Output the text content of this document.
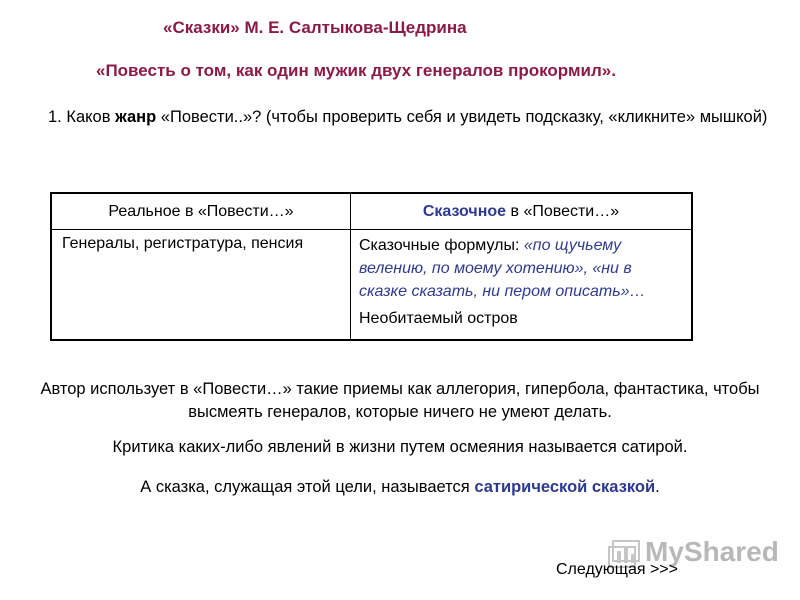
«Сказки» М. Е. Салтыкова-Щедрина
«Повесть о том, как один мужик двух генералов прокормил».
1. Каков жанр «Повести..»? (чтобы проверить себя и увидеть подсказку, «кликните» мышкой)
Реальное в «Повести…»	Сказочное в «Повести…»
Генералы, регистратура, пенсия	Сказочные формулы: «по щучьему велению, по моему хотению», «ни в сказке сказать, ни пером описать»…
Необитаемый остров
Автор использует в «Повести…» такие приемы как аллегория, гипербола, фантастика, чтобы высмеять генералов, которые ничего не умеют делать.
Критика каких-либо явлений в жизни путем осмеяния называется сатирой.
А сказка, служащая этой цели, называется сатирической сказкой.
MyShared
Следующая >>>
